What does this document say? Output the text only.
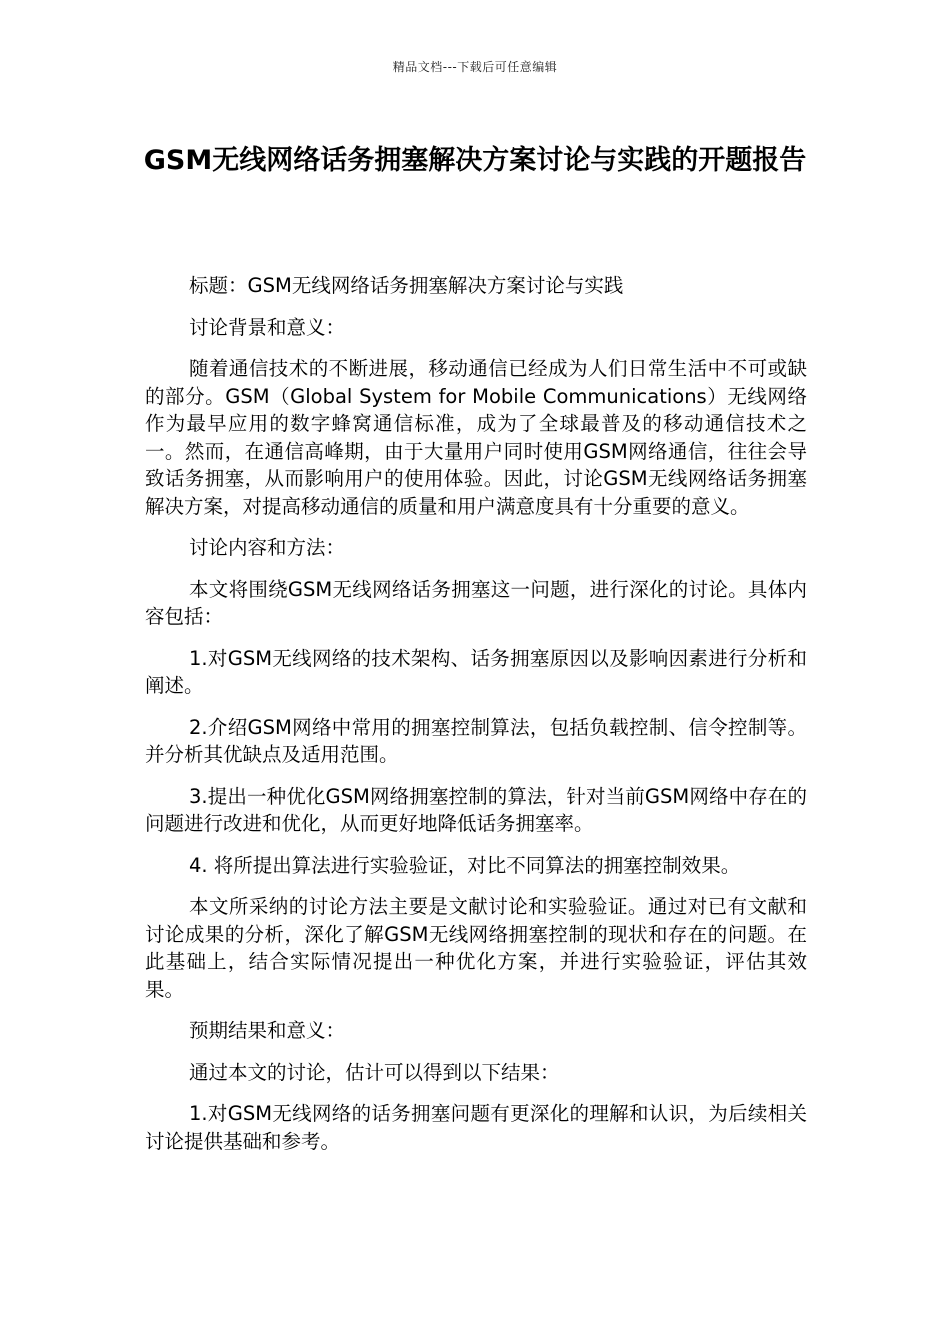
精品文档---下载后可任意编辑
GSM无线网络话务拥塞解决方案讨论与实践的开题报告

标题：GSM无线网络话务拥塞解决方案讨论与实践

讨论背景和意义：

随着通信技术的不断进展，移动通信已经成为人们日常生活中不可或缺的部分。GSM（Global System for Mobile Communications）无线网络作为最早应用的数字蜂窝通信标准，成为了全球最普及的移动通信技术之一。然而，在通信高峰期，由于大量用户同时使用GSM网络通信，往往会导致话务拥塞，从而影响用户的使用体验。因此，讨论GSM无线网络话务拥塞解决方案，对提高移动通信的质量和用户满意度具有十分重要的意义。

讨论内容和方法：

本文将围绕GSM无线网络话务拥塞这一问题，进行深化的讨论。具体内容包括：

1.对GSM无线网络的技术架构、话务拥塞原因以及影响因素进行分析和阐述。

2.介绍GSM网络中常用的拥塞控制算法，包括负载控制、信令控制等。并分析其优缺点及适用范围。

3.提出一种优化GSM网络拥塞控制的算法，针对当前GSM网络中存在的问题进行改进和优化，从而更好地降低话务拥塞率。

4. 将所提出算法进行实验验证，对比不同算法的拥塞控制效果。

本文所采纳的讨论方法主要是文献讨论和实验验证。通过对已有文献和讨论成果的分析，深化了解GSM无线网络拥塞控制的现状和存在的问题。在此基础上，结合实际情况提出一种优化方案，并进行实验验证，评估其效果。

预期结果和意义：

通过本文的讨论，估计可以得到以下结果：

1.对GSM无线网络的话务拥塞问题有更深化的理解和认识，为后续相关讨论提供基础和参考。
